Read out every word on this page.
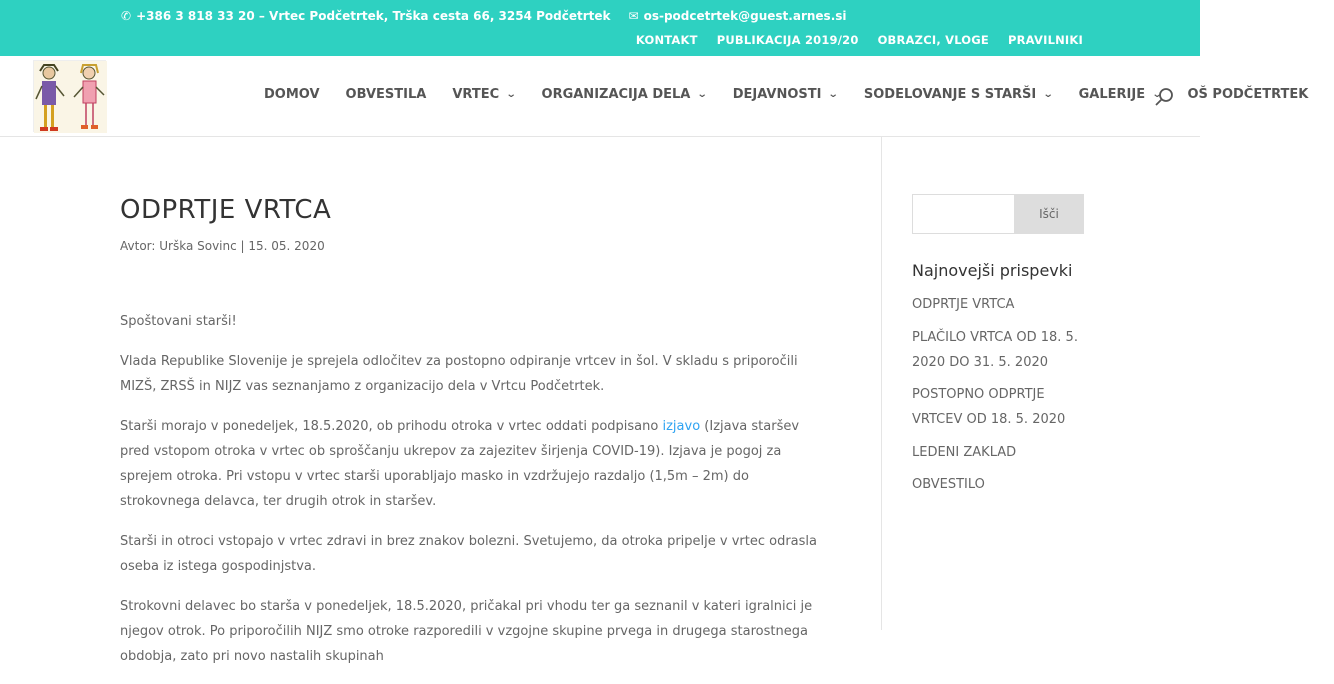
✆ +386 3 818 33 20 – Vrtec Podčetrtek, Trška cesta 66, 3254 Podčetrtek ✉ os-podcetrtek@guest.arnes.si
KONTAKT PUBLIKACIJA 2019/20 OBRAZCI, VLOGE PRAVILNIKI
DOMOV OBVESTILA VRTEC ⌄ ORGANIZACIJA DELA ⌄ DEJAVNOSTI ⌄ SODELOVANJE S STARŠI ⌄ GALERIJE ⌄ OŠ PODČETRTEK
ODPRTJE VRTCA
Avtor: Urška Sovinc | 15. 05. 2020

Spoštovani starši!

Vlada Republike Slovenije je sprejela odločitev za postopno odpiranje vrtcev in šol. V skladu s priporočili MIZŠ, ZRSŠ in NIJZ vas seznanjamo z organizacijo dela v Vrtcu Podčetrtek.

Starši morajo v ponedeljek, 18.5.2020, ob prihodu otroka v vrtec oddati podpisano izjavo (Izjava staršev pred vstopom otroka v vrtec ob sproščanju ukrepov za zajezitev širjenja COVID-19). Izjava je pogoj za sprejem otroka. Pri vstopu v vrtec starši uporabljajo masko in vzdržujejo razdaljo (1,5m – 2m) do strokovnega delavca, ter drugih otrok in staršev.

Starši in otroci vstopajo v vrtec zdravi in brez znakov bolezni. Svetujemo, da otroka pripelje v vrtec odrasla oseba iz istega gospodinjstva.

Strokovni delavec bo starša v ponedeljek, 18.5.2020, pričakal pri vhodu ter ga seznanil v kateri igralnici je njegov otrok. Po priporočilih NIJZ smo otroke razporedili v vzgojne skupine prvega in drugega starostnega obdobja, zato pri novo nastalih skupinah

Išči
Najnovejši prispevki
ODPRTJE VRTCA
PLAČILO VRTCA OD 18. 5. 2020 DO 31. 5. 2020
POSTOPNO ODPRTJE VRTCEV OD 18. 5. 2020
LEDENI ZAKLAD
OBVESTILO
